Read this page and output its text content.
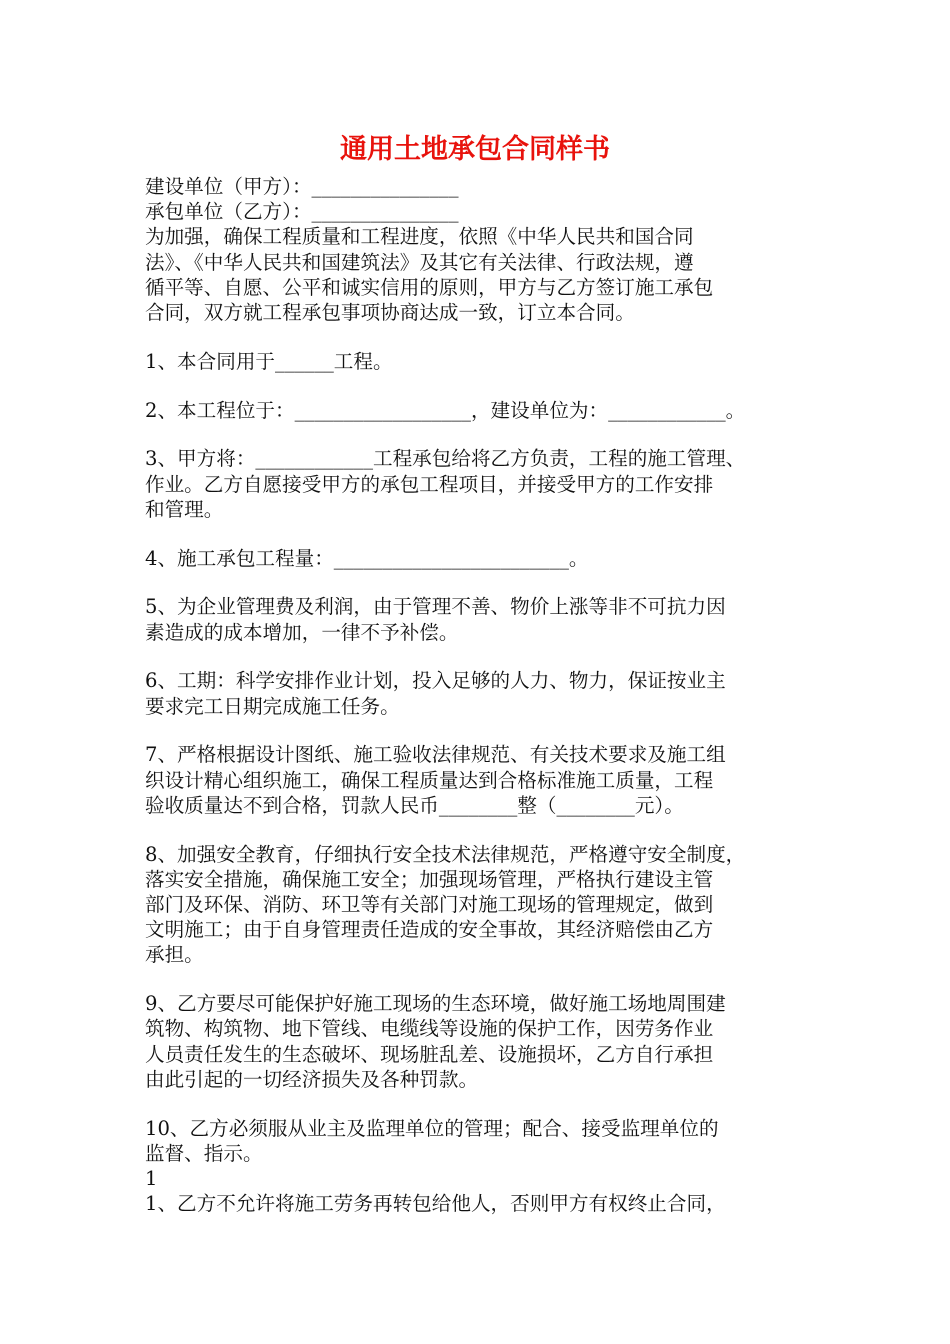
通用土地承包合同样书
建设单位（甲方）：_______________
承包单位（乙方）：_______________
为加强，确保工程质量和工程进度，依照《中华人民共和国合同
法》、《中华人民共和国建筑法》及其它有关法律、行政法规，遵
循平等、自愿、公平和诚实信用的原则，甲方与乙方签订施工承包
合同，双方就工程承包事项协商达成一致，订立本合同。
1、本合同用于______工程。
2、本工程位于：__________________，建设单位为：____________。
3、甲方将：____________工程承包给将乙方负责，工程的施工管理、
作业。乙方自愿接受甲方的承包工程项目，并接受甲方的工作安排
和管理。
4、施工承包工程量：________________________。
5、为企业管理费及利润，由于管理不善、物价上涨等非不可抗力因
素造成的成本增加，一律不予补偿。
6、工期：科学安排作业计划，投入足够的人力、物力，保证按业主
要求完工日期完成施工任务。
7、严格根据设计图纸、施工验收法律规范、有关技术要求及施工组
织设计精心组织施工，确保工程质量达到合格标准施工质量，工程
验收质量达不到合格，罚款人民币________整（________元）。
8、加强安全教育，仔细执行安全技术法律规范，严格遵守安全制度，
落实安全措施，确保施工安全；加强现场管理，严格执行建设主管
部门及环保、消防、环卫等有关部门对施工现场的管理规定，做到
文明施工；由于自身管理责任造成的安全事故，其经济赔偿由乙方
承担。
9、乙方要尽可能保护好施工现场的生态环境，做好施工场地周围建
筑物、构筑物、地下管线、电缆线等设施的保护工作，因劳务作业
人员责任发生的生态破坏、现场脏乱差、设施损坏，乙方自行承担
由此引起的一切经济损失及各种罚款。
10、乙方必须服从业主及监理单位的管理；配合、接受监理单位的
监督、指示。
1
1、乙方不允许将施工劳务再转包给他人，否则甲方有权终止合同，
